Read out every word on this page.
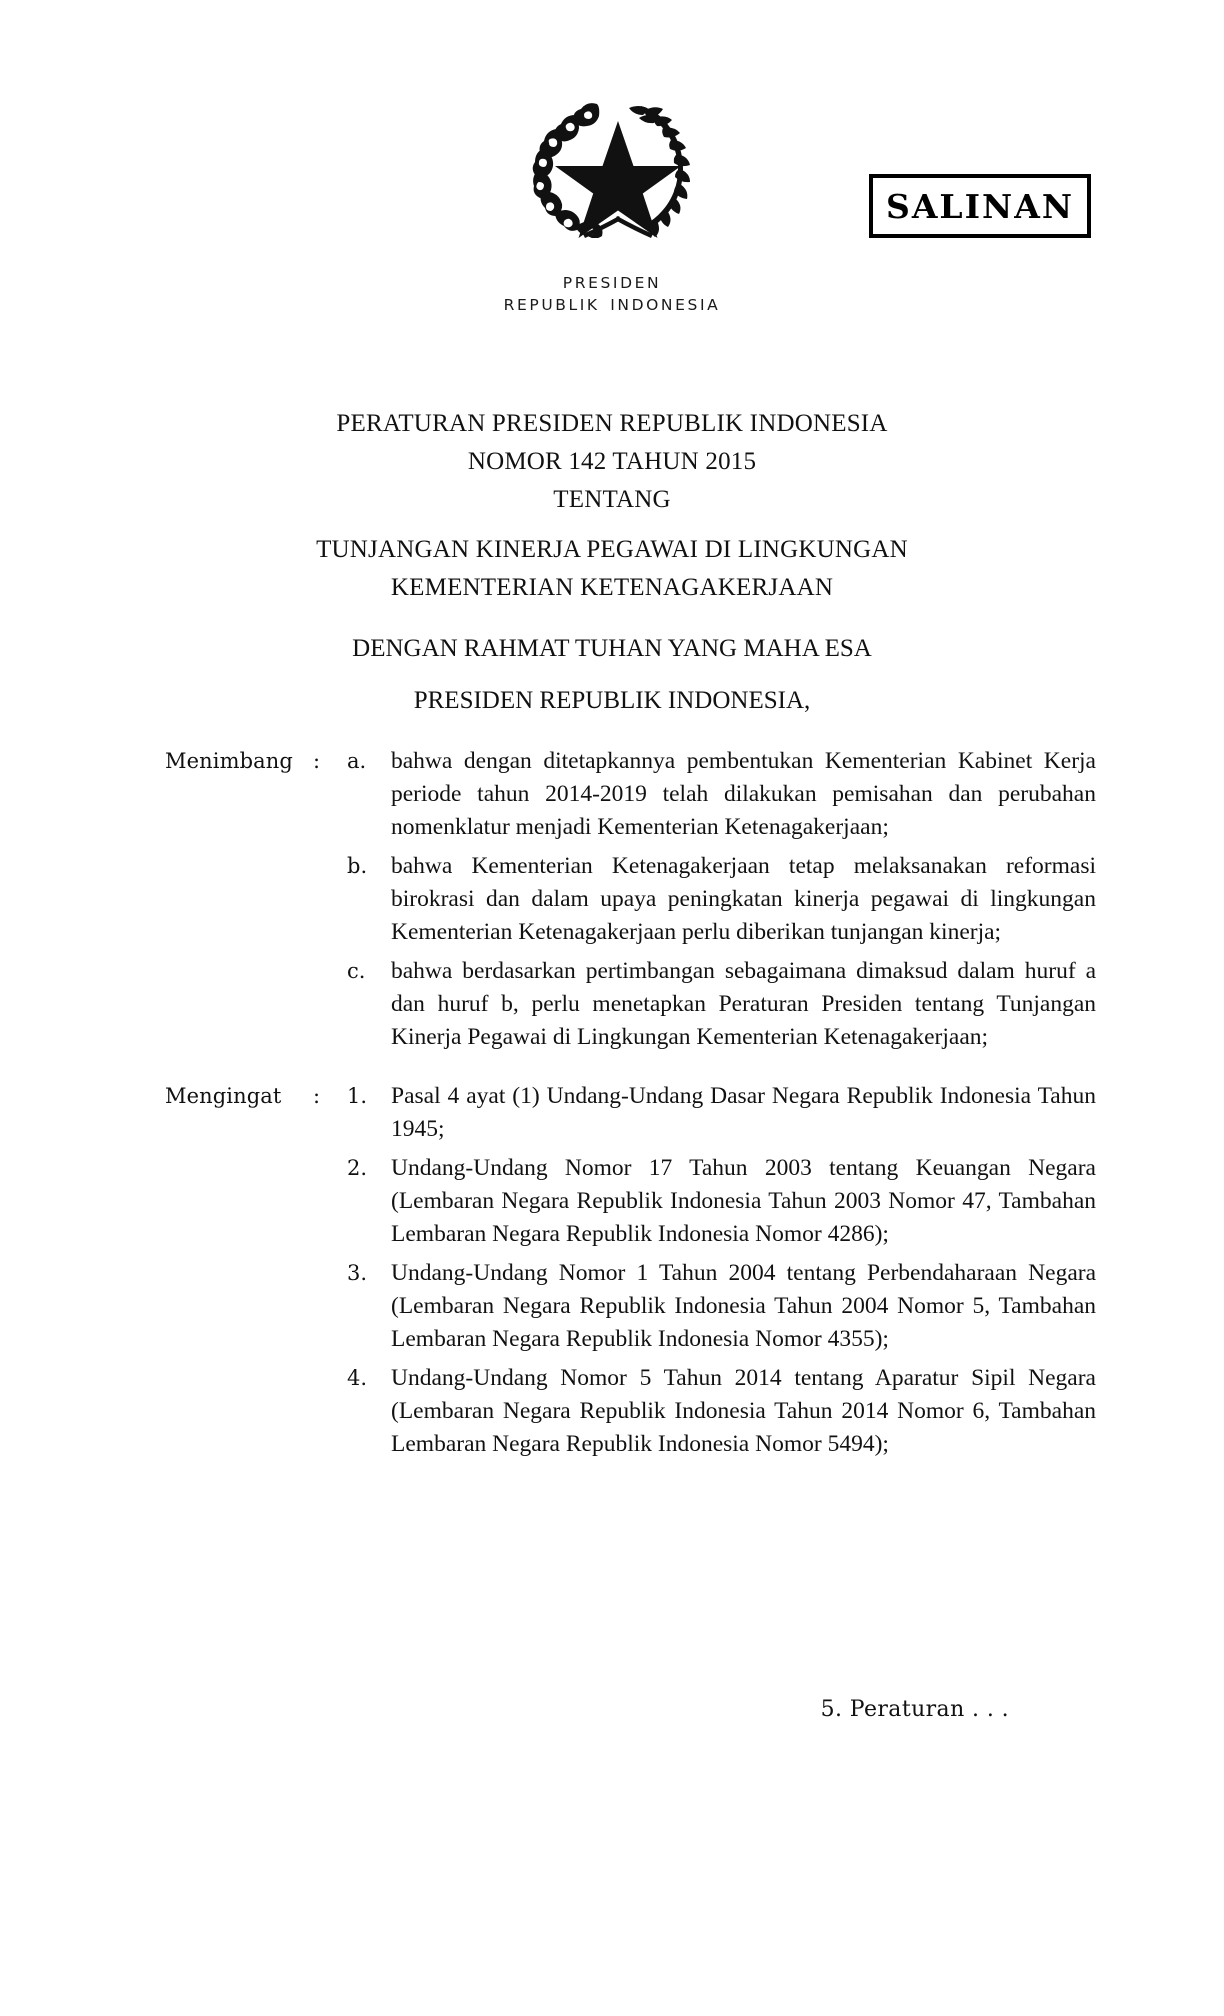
SALINAN
PRESIDEN
REPUBLIK INDONESIA
PERATURAN PRESIDEN REPUBLIK INDONESIA
NOMOR 142 TAHUN 2015
TENTANG
TUNJANGAN KINERJA PEGAWAI DI LINGKUNGAN
KEMENTERIAN KETENAGAKERJAAN
DENGAN RAHMAT TUHAN YANG MAHA ESA
PRESIDEN REPUBLIK INDONESIA,
Menimbang :	a.	bahwa dengan ditetapkannya pembentukan Kementerian Kabinet Kerja periode tahun 2014-2019 telah dilakukan pemisahan dan perubahan nomenklatur menjadi Kementerian Ketenagakerjaan;
b.	bahwa Kementerian Ketenagakerjaan tetap melaksanakan reformasi birokrasi dan dalam upaya peningkatan kinerja pegawai di lingkungan Kementerian Ketenagakerjaan perlu diberikan tunjangan kinerja;
c.	bahwa berdasarkan pertimbangan sebagaimana dimaksud dalam huruf a dan huruf b, perlu menetapkan Peraturan Presiden tentang Tunjangan Kinerja Pegawai di Lingkungan Kementerian Ketenagakerjaan;
Mengingat	:	1.	Pasal 4 ayat (1) Undang-Undang Dasar Negara Republik Indonesia Tahun 1945;
2.	Undang-Undang Nomor 17 Tahun 2003 tentang Keuangan Negara (Lembaran Negara Republik Indonesia Tahun 2003 Nomor 47, Tambahan Lembaran Negara Republik Indonesia Nomor 4286);
3.	Undang-Undang Nomor 1 Tahun 2004 tentang Perbendaharaan Negara (Lembaran Negara Republik Indonesia Tahun 2004 Nomor 5, Tambahan Lembaran Negara Republik Indonesia Nomor 4355);
4.	Undang-Undang Nomor 5 Tahun 2014 tentang Aparatur Sipil Negara (Lembaran Negara Republik Indonesia Tahun 2014 Nomor 6, Tambahan Lembaran Negara Republik Indonesia Nomor 5494);
5. Peraturan . . .
